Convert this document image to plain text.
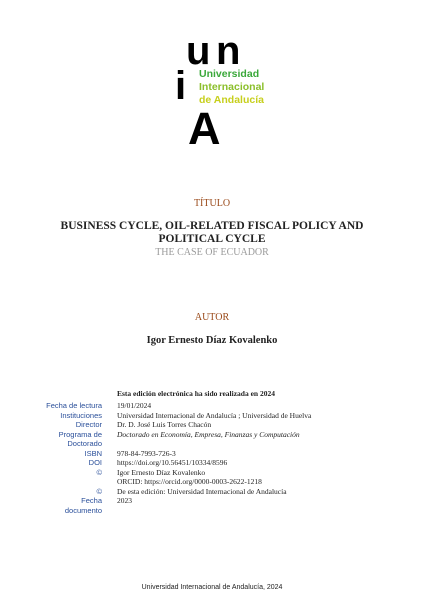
u n
i
A
Universidad
Internacional
de Andalucía
TÍTULO
BUSINESS CYCLE, OIL-RELATED FISCAL POLICY AND POLITICAL CYCLE
THE CASE OF ECUADOR
AUTOR
Igor Ernesto Díaz Kovalenko
Esta edición electrónica ha sido realizada en 2024
Fecha de lectura 19/01/2024
Instituciones Universidad Internacional de Andalucía ; Universidad de Huelva
Director Dr. D. José Luis Torres Chacón
Programa de Doctorado en Economía, Empresa, Finanzas y Computación
Doctorado
ISBN 978-84-7993-726-3
DOI https://doi.org/10.56451/10334/8596
© Igor Ernesto Díaz Kovalenko
ORCID: https://orcid.org/0000-0003-2622-1218
© De esta edición: Universidad Internacional de Andalucía
Fecha 2023
documento
Universidad Internacional de Andalucía, 2024
